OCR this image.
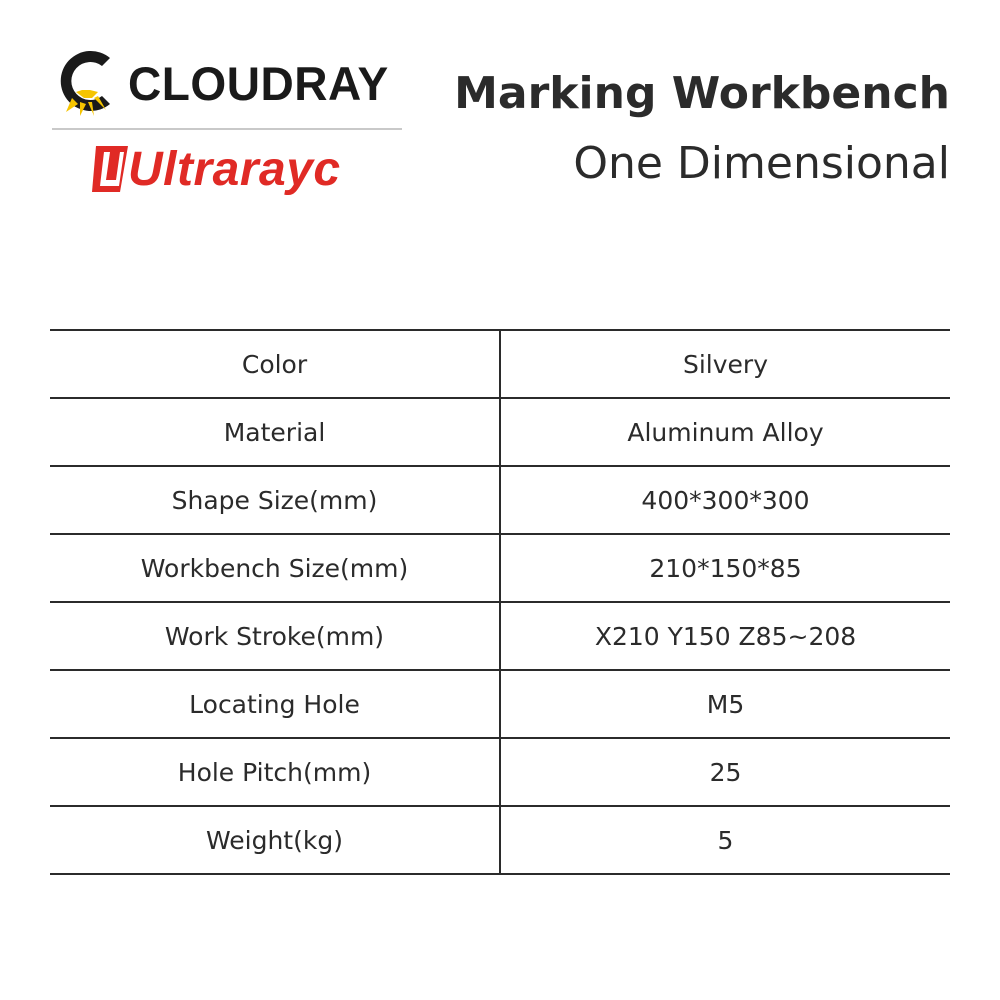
CLOUDRAY
Ultrarayc
Marking Workbench
One Dimensional
Color	Silvery
Material	Aluminum Alloy
Shape Size(mm)	400*300*300
Workbench Size(mm)	210*150*85
Work Stroke(mm)	X210 Y150 Z85~208
Locating Hole	M5
Hole Pitch(mm)	25
Weight(kg)	5
